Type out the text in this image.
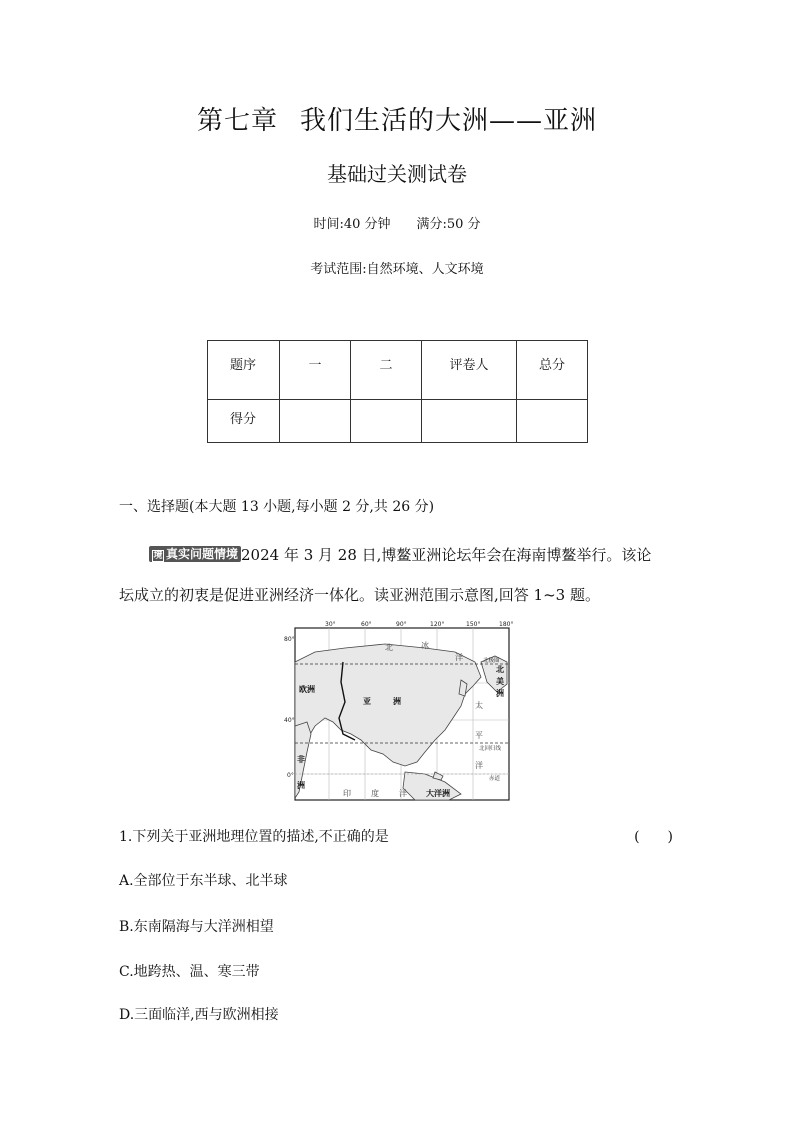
第七章 我们生活的大洲——亚洲
基础过关测试卷
时间:40 分钟 满分:50 分
考试范围:自然环境、人文环境
题序	一	二	评卷人	总分

得分				

一、选择题(本大题 13 小题,每小题 2 分,共 26 分)
境 真实问题情境 2024 年 3 月 28 日,博鳌亚洲论坛年会在海南博鳌举行。该论
坛成立的初衷是促进亚洲经济一体化。读亚洲范围示意图,回答 1~3 题。
30°	60°	90°	120°	150°	180°
80°
40°
0°
欧洲
亚	洲
非
洲
大洋洲
北
美
洲
北	冰
洋
太
平
洋
印 度 洋
北极圈
北回归线
赤道
1.下列关于亚洲地理位置的描述,不正确的是	(　　)
A.全部位于东半球、北半球
B.东南隔海与大洋洲相望
C.地跨热、温、寒三带
D.三面临洋,西与欧洲相接
